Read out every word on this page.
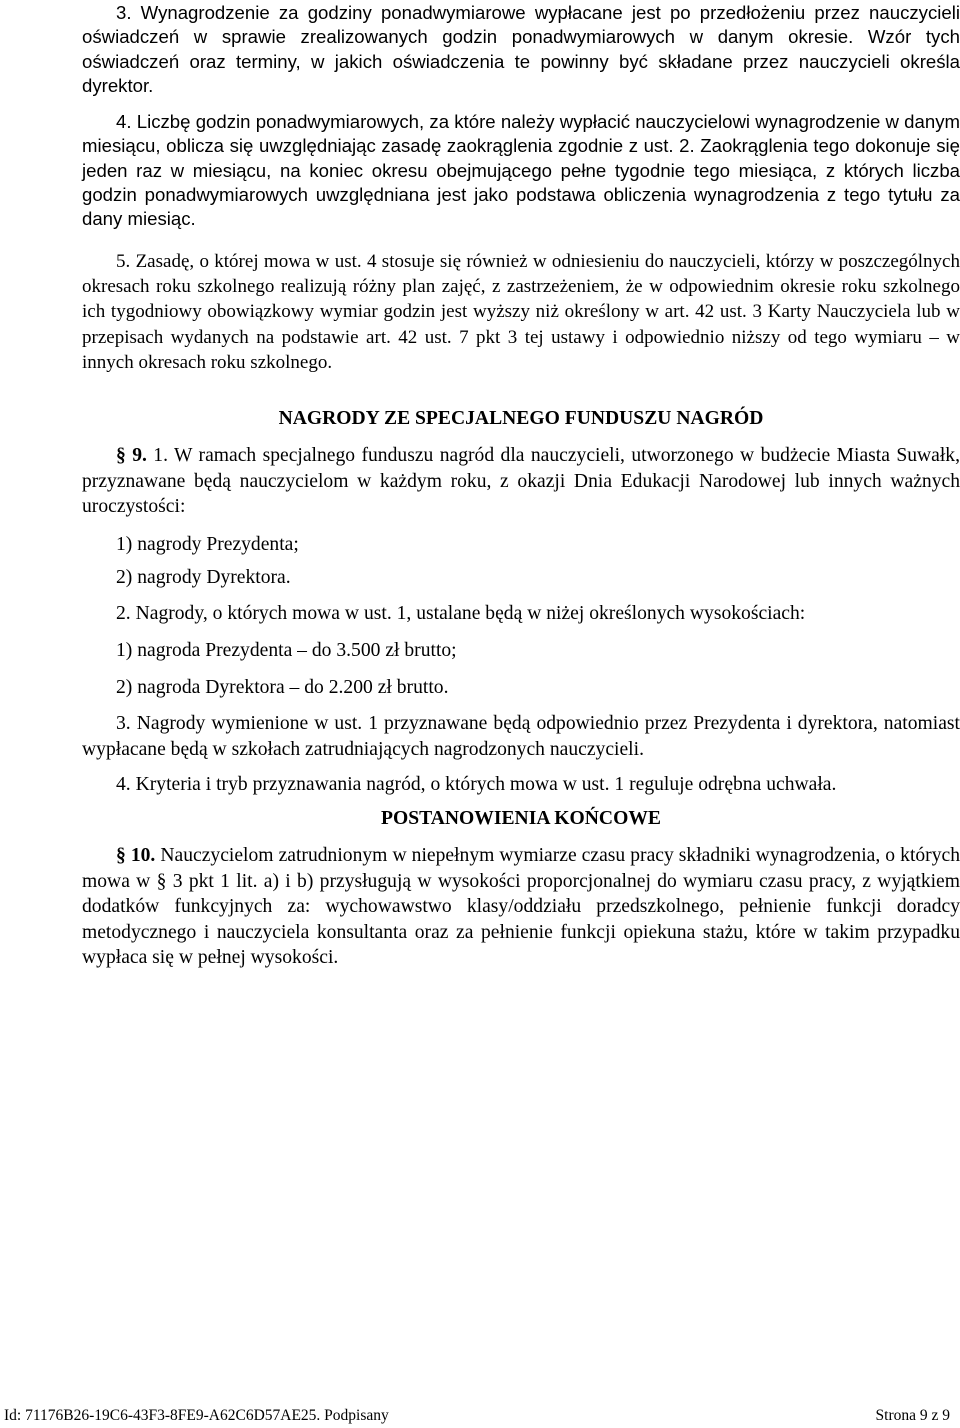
3. Wynagrodzenie za godziny ponadwymiarowe wypłacane jest po przedłożeniu przez nauczycieli oświadczeń w sprawie zrealizowanych godzin ponadwymiarowych w danym okresie. Wzór tych oświadczeń oraz terminy, w jakich oświadczenia te powinny być składane przez nauczycieli określa dyrektor.

4. Liczbę godzin ponadwymiarowych, za które należy wypłacić nauczycielowi wynagrodzenie w danym miesiącu, oblicza się uwzględniając zasadę zaokrąglenia zgodnie z ust. 2. Zaokrąglenia tego dokonuje się jeden raz w miesiącu, na koniec okresu obejmującego pełne tygodnie tego miesiąca, z których liczba godzin ponadwymiarowych uwzględniana jest jako podstawa obliczenia wynagrodzenia z tego tytułu za dany miesiąc.

5. Zasadę, o której mowa w ust. 4 stosuje się również w odniesieniu do nauczycieli, którzy w poszczególnych okresach roku szkolnego realizują różny plan zajęć, z zastrzeżeniem, że w odpowiednim okresie roku szkolnego ich tygodniowy obowiązkowy wymiar godzin jest wyższy niż określony w art. 42 ust. 3 Karty Nauczyciela lub w przepisach wydanych na podstawie art. 42 ust. 7 pkt 3 tej ustawy i odpowiednio niższy od tego wymiaru – w innych okresach roku szkolnego.

NAGRODY ZE SPECJALNEGO FUNDUSZU NAGRÓD

§ 9. 1. W ramach specjalnego funduszu nagród dla nauczycieli, utworzonego w budżecie Miasta Suwałk, przyznawane będą nauczycielom w każdym roku, z okazji Dnia Edukacji Narodowej lub innych ważnych uroczystości:

1) nagrody Prezydenta;

2) nagrody Dyrektora.

2. Nagrody, o których mowa w ust. 1, ustalane będą w niżej określonych wysokościach:

1) nagroda Prezydenta – do 3.500 zł brutto;

2) nagroda Dyrektora – do 2.200 zł brutto.

3. Nagrody wymienione w ust. 1 przyznawane będą odpowiednio przez Prezydenta i dyrektora, natomiast wypłacane będą w szkołach zatrudniających nagrodzonych nauczycieli.

4. Kryteria i tryb przyznawania nagród, o których mowa w ust. 1 reguluje odrębna uchwała.

POSTANOWIENIA KOŃCOWE

§ 10. Nauczycielom zatrudnionym w niepełnym wymiarze czasu pracy składniki wynagrodzenia, o których mowa w § 3 pkt 1 lit. a) i b) przysługują w wysokości proporcjonalnej do wymiaru czasu pracy, z wyjątkiem dodatków funkcyjnych za: wychowawstwo klasy/oddziału przedszkolnego, pełnienie funkcji doradcy metodycznego i nauczyciela konsultanta oraz za pełnienie funkcji opiekuna stażu, które w takim przypadku wypłaca się w pełnej wysokości.

Id: 71176B26-19C6-43F3-8FE9-A62C6D57AE25. Podpisany	Strona 9 z 9
